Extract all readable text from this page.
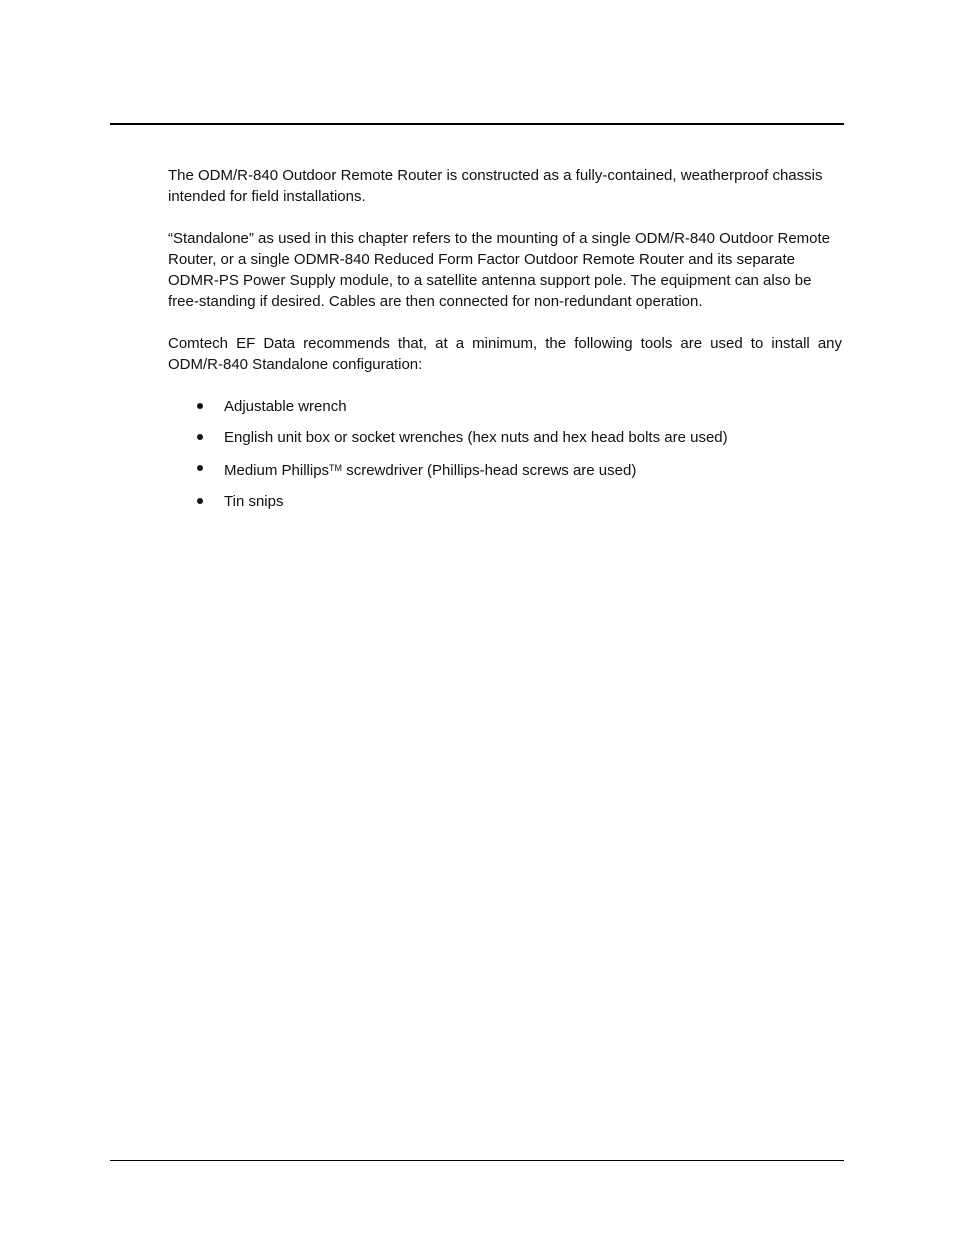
The ODM/R-840 Outdoor Remote Router is constructed as a fully-contained, weatherproof chassis intended for field installations.

“Standalone” as used in this chapter refers to the mounting of a single ODM/R-840 Outdoor Remote Router, or a single ODMR-840 Reduced Form Factor Outdoor Remote Router and its separate ODMR-PS Power Supply module, to a satellite antenna support pole. The equipment can also be free-standing if desired. Cables are then connected for non-redundant operation.

Comtech EF Data recommends that, at a minimum, the following tools are used to install any ODM/R-840 Standalone configuration:

Adjustable wrench
English unit box or socket wrenches (hex nuts and hex head bolts are used)
Medium Phillips™ screwdriver (Phillips-head screws are used)
Tin snips
